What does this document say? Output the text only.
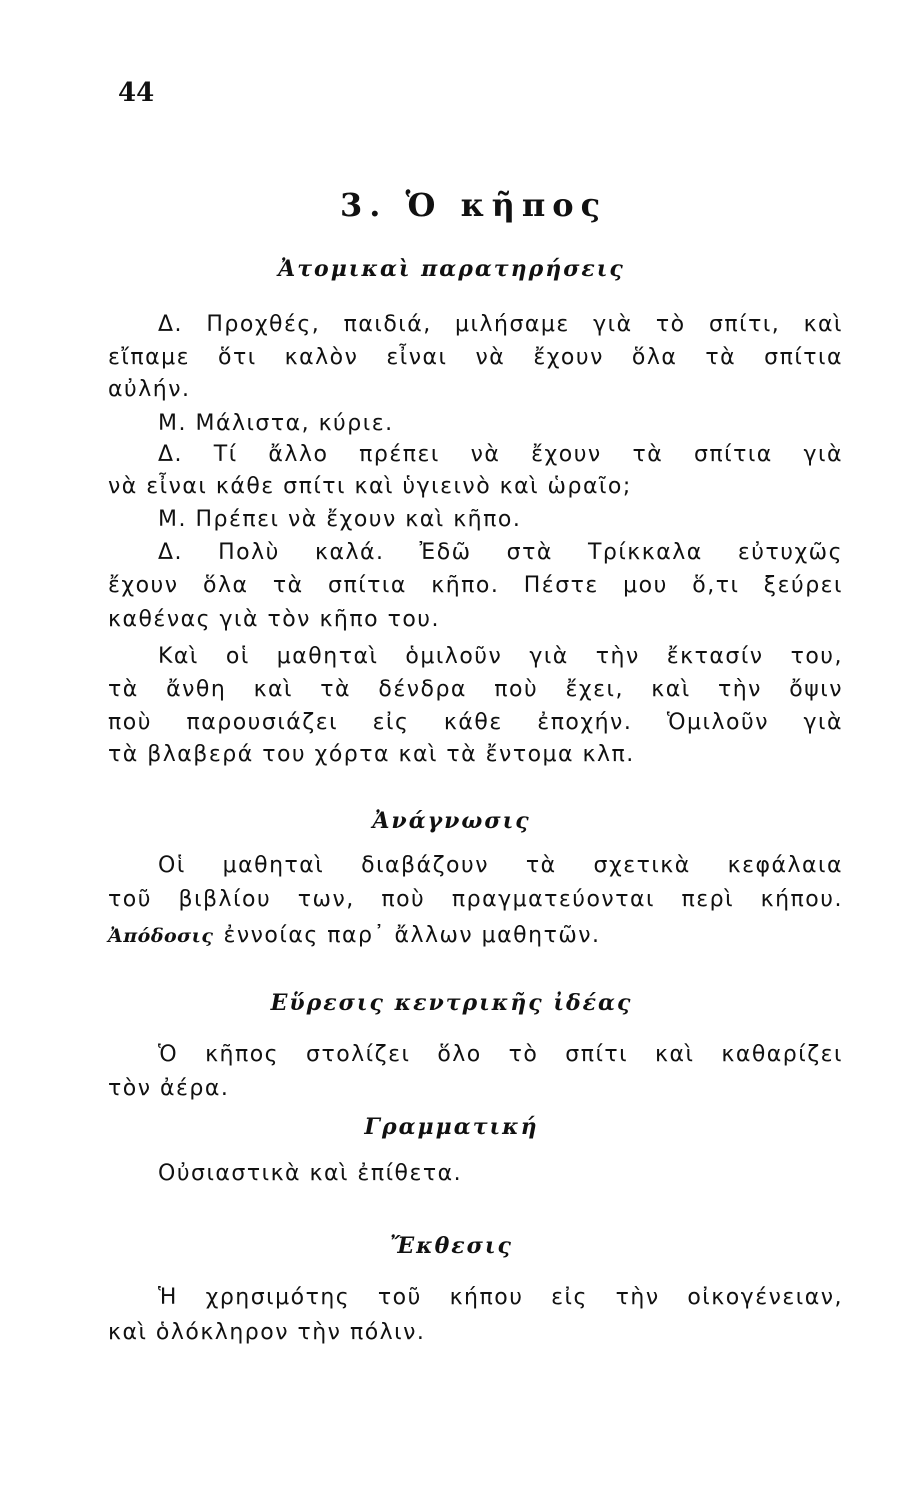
44
3. Ὁ κῆπος
Ἀτομικαὶ παρατηρήσεις
Δ. Προχθές, παιδιά, μιλήσαμε γιὰ τὸ σπίτι, καὶ
εἴπαμε ὅτι καλὸν εἶναι νὰ ἔχουν ὅλα τὰ σπίτια
αὐλήν.
Μ. Μάλιστα, κύριε.
Δ. Τί ἄλλο πρέπει νὰ ἔχουν τὰ σπίτια γιὰ
νὰ εἶναι κάθε σπίτι καὶ ὑγιεινὸ καὶ ὡραῖο;
Μ. Πρέπει νὰ ἔχουν καὶ κῆπο.
Δ. Πολὺ καλά. Ἐδῶ στὰ Τρίκκαλα εὐτυχῶς
ἔχουν ὅλα τὰ σπίτια κῆπο. Πέστε μου ὅ,τι ξεύρει
καθένας γιὰ τὸν κῆπο του.
Καὶ οἱ μαθηταὶ ὁμιλοῦν γιὰ τὴν ἔκτασίν του,
τὰ ἄνθη καὶ τὰ δένδρα ποὺ ἔχει, καὶ τὴν ὄψιν
ποὺ παρουσιάζει εἰς κάθε ἐποχήν. Ὁμιλοῦν γιὰ
τὰ βλαβερά του χόρτα καὶ τὰ ἔντομα κλπ.
Ἀνάγνωσις
Οἱ μαθηταὶ διαβάζουν τὰ σχετικὰ κεφάλαια
τοῦ βιβλίου των, ποὺ πραγματεύονται περὶ κήπου.
Ἀπόδοσις ἐννοίας παρ᾽ ἄλλων μαθητῶν.
Εὕρεσις κεντρικῆς ἰδέας
Ὁ κῆπος στολίζει ὅλο τὸ σπίτι καὶ καθαρίζει
τὸν ἀέρα.
Γραμματική
Οὐσιαστικὰ καὶ ἐπίθετα.
Ἔκθεσις
Ἡ χρησιμότης τοῦ κήπου εἰς τὴν οἰκογένειαν,
καὶ ὁλόκληρον τὴν πόλιν.
